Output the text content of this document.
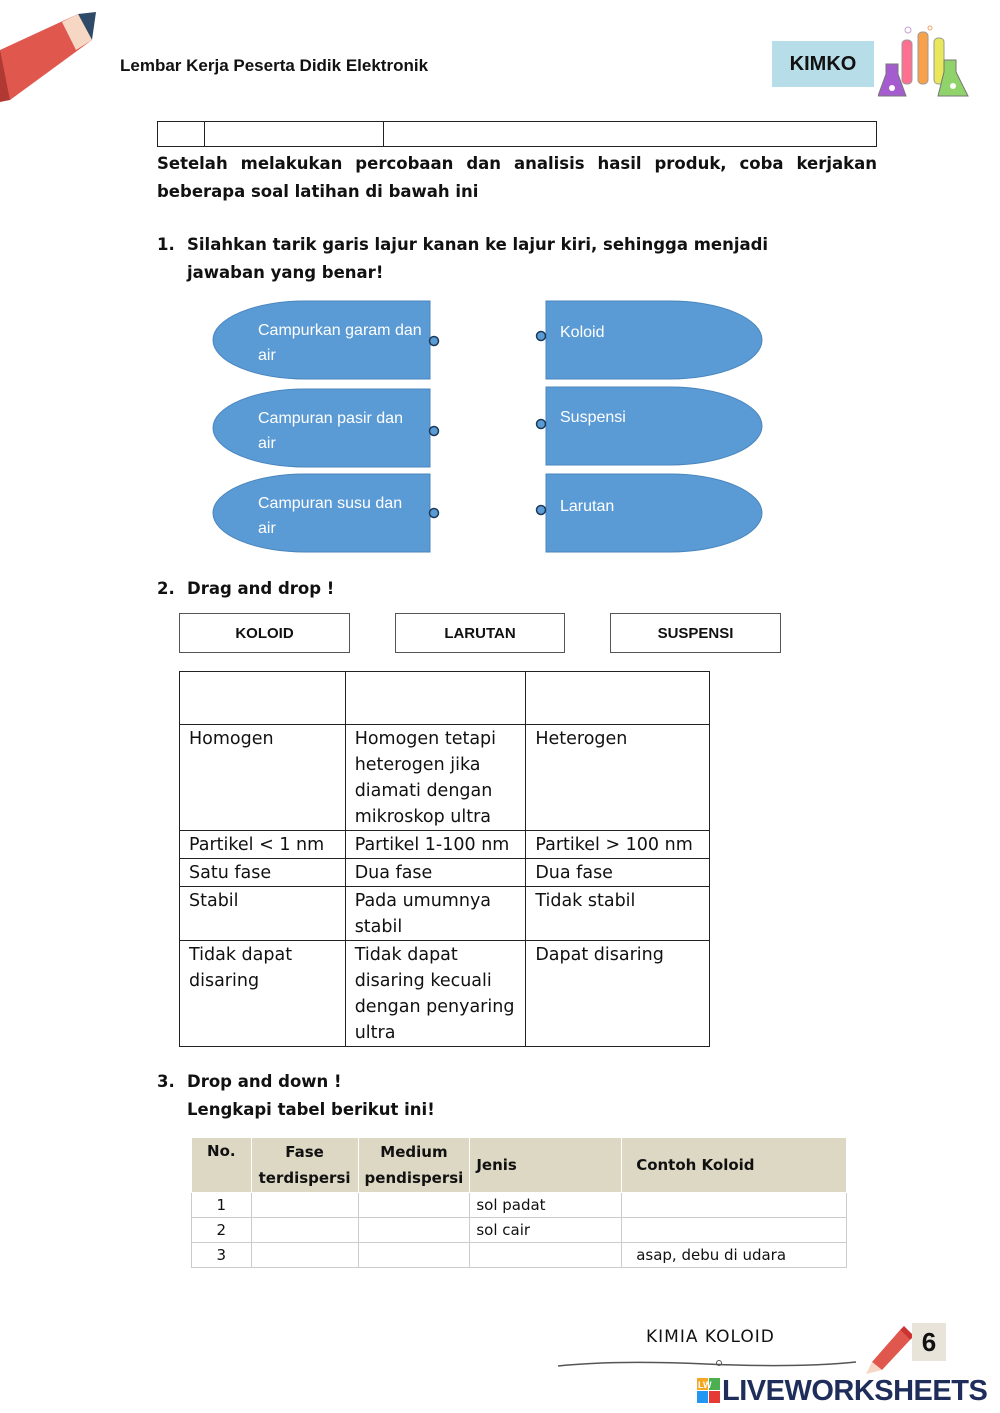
Lembar Kerja Peserta Didik Elektronik	KIMKO
Setelah melakukan percobaan dan analisis hasil produk, coba kerjakan beberapa soal latihan di bawah ini
1. Silahkan tarik garis lajur kanan ke lajur kiri, sehingga menjadi jawaban yang benar!
Campurkan garam dan air
Campuran pasir dan air
Campuran susu dan air
Koloid
Suspensi
Larutan
2. Drag and drop !
KOLOID	LARUTAN	SUSPENSI

Homogen	Homogen tetapi heterogen jika diamati dengan mikroskop ultra	Heterogen
Partikel < 1 nm	Partikel 1-100 nm	Partikel > 100 nm
Satu fase	Dua fase	Dua fase
Stabil	Pada umumnya stabil	Tidak stabil
Tidak dapat disaring	Tidak dapat disaring kecuali dengan penyaring ultra	Dapat disaring
3. Drop and down !
Lengkapi tabel berikut ini!
No.	Fase terdispersi	Medium pendispersi	Jenis	Contoh Koloid
1			sol padat	
2			sol cair	
3				asap, debu di udara
KIMIA KOLOID	6
LW LIVEWORKSHEETS
